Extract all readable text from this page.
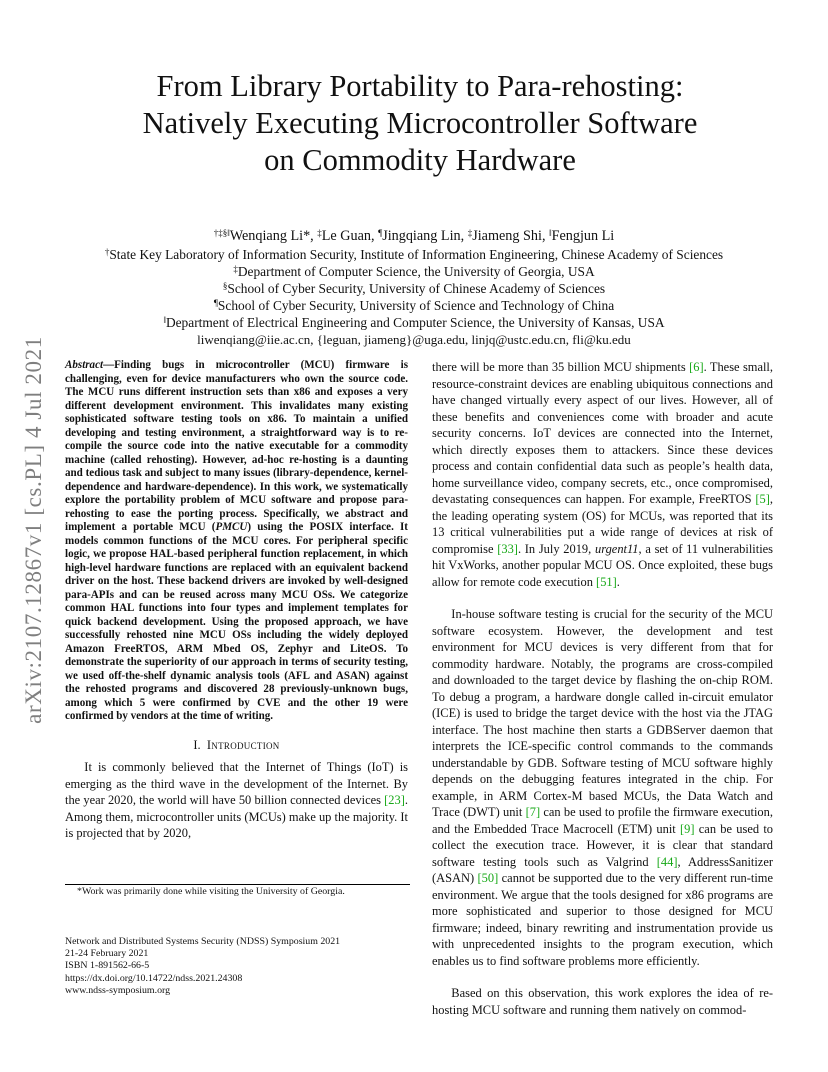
arXiv:2107.12867v1 [cs.PL] 4 Jul 2021
From Library Portability to Para-rehosting:
Natively Executing Microcontroller Software
on Commodity Hardware
†‡§‖Wenqiang Li*, ‡Le Guan, ¶Jingqiang Lin, ‡Jiameng Shi, ‖Fengjun Li
†State Key Laboratory of Information Security, Institute of Information Engineering, Chinese Academy of Sciences
‡Department of Computer Science, the University of Georgia, USA
§School of Cyber Security, University of Chinese Academy of Sciences
¶School of Cyber Security, University of Science and Technology of China
‖Department of Electrical Engineering and Computer Science, the University of Kansas, USA
liwenqiang@iie.ac.cn, {leguan, jiameng}@uga.edu, linjq@ustc.edu.cn, fli@ku.edu
Abstract—Finding bugs in microcontroller (MCU) firmware is challenging, even for device manufacturers who own the source code. The MCU runs different instruction sets than x86 and exposes a very different development environment. This invalidates many existing sophisticated software testing tools on x86. To maintain a unified developing and testing environment, a straightforward way is to re-compile the source code into the native executable for a commodity machine (called rehosting). However, ad-hoc re-hosting is a daunting and tedious task and subject to many issues (library-dependence, kernel-dependence and hardware-dependence). In this work, we systematically explore the portability problem of MCU software and propose para-rehosting to ease the porting process. Specifically, we abstract and implement a portable MCU (PMCU) using the POSIX interface. It models common functions of the MCU cores. For peripheral specific logic, we propose HAL-based peripheral function replacement, in which high-level hardware functions are replaced with an equivalent backend driver on the host. These backend drivers are invoked by well-designed para-APIs and can be reused across many MCU OSs. We categorize common HAL functions into four types and implement templates for quick backend development. Using the proposed approach, we have successfully rehosted nine MCU OSs including the widely deployed Amazon FreeRTOS, ARM Mbed OS, Zephyr and LiteOS. To demonstrate the superiority of our approach in terms of security testing, we used off-the-shelf dynamic analysis tools (AFL and ASAN) against the rehosted programs and discovered 28 previously-unknown bugs, among which 5 were confirmed by CVE and the other 19 were confirmed by vendors at the time of writing.
I. Introduction

It is commonly believed that the Internet of Things (IoT) is emerging as the third wave in the development of the Internet. By the year 2020, the world will have 50 billion connected devices [23]. Among them, microcontroller units (MCUs) make up the majority. It is projected that by 2020,

*Work was primarily done while visiting the University of Georgia.
Network and Distributed Systems Security (NDSS) Symposium 2021
21-24 February 2021
ISBN 1-891562-66-5
https://dx.doi.org/10.14722/ndss.2021.24308
www.ndss-symposium.org

there will be more than 35 billion MCU shipments [6]. These small, resource-constraint devices are enabling ubiquitous connections and have changed virtually every aspect of our lives. However, all of these benefits and conveniences come with broader and acute security concerns. IoT devices are connected into the Internet, which directly exposes them to attackers. Since these devices process and contain confidential data such as people’s health data, home surveillance video, company secrets, etc., once compromised, devastating consequences can happen. For example, FreeRTOS [5], the leading operating system (OS) for MCUs, was reported that its 13 critical vulnerabilities put a wide range of devices at risk of compromise [33]. In July 2019, urgent11, a set of 11 vulnerabilities hit VxWorks, another popular MCU OS. Once exploited, these bugs allow for remote code execution [51].

In-house software testing is crucial for the security of the MCU software ecosystem. However, the development and test environment for MCU devices is very different from that for commodity hardware. Notably, the programs are cross-compiled and downloaded to the target device by flashing the on-chip ROM. To debug a program, a hardware dongle called in-circuit emulator (ICE) is used to bridge the target device with the host via the JTAG interface. The host machine then starts a GDBServer daemon that interprets the ICE-specific control commands to the commands understandable by GDB. Software testing of MCU software highly depends on the debugging features integrated in the chip. For example, in ARM Cortex-M based MCUs, the Data Watch and Trace (DWT) unit [7] can be used to profile the firmware execution, and the Embedded Trace Macrocell (ETM) unit [9] can be used to collect the execution trace. However, it is clear that standard software testing tools such as Valgrind [44], AddressSanitizer (ASAN) [50] cannot be supported due to the very different run-time environment. We argue that the tools designed for x86 programs are more sophisticated and superior to those designed for MCU firmware; indeed, binary rewriting and instrumentation provide us with unprecedented insights to the program execution, which enables us to find software problems more efficiently.

Based on this observation, this work explores the idea of re-hosting MCU software and running them natively on commod-
